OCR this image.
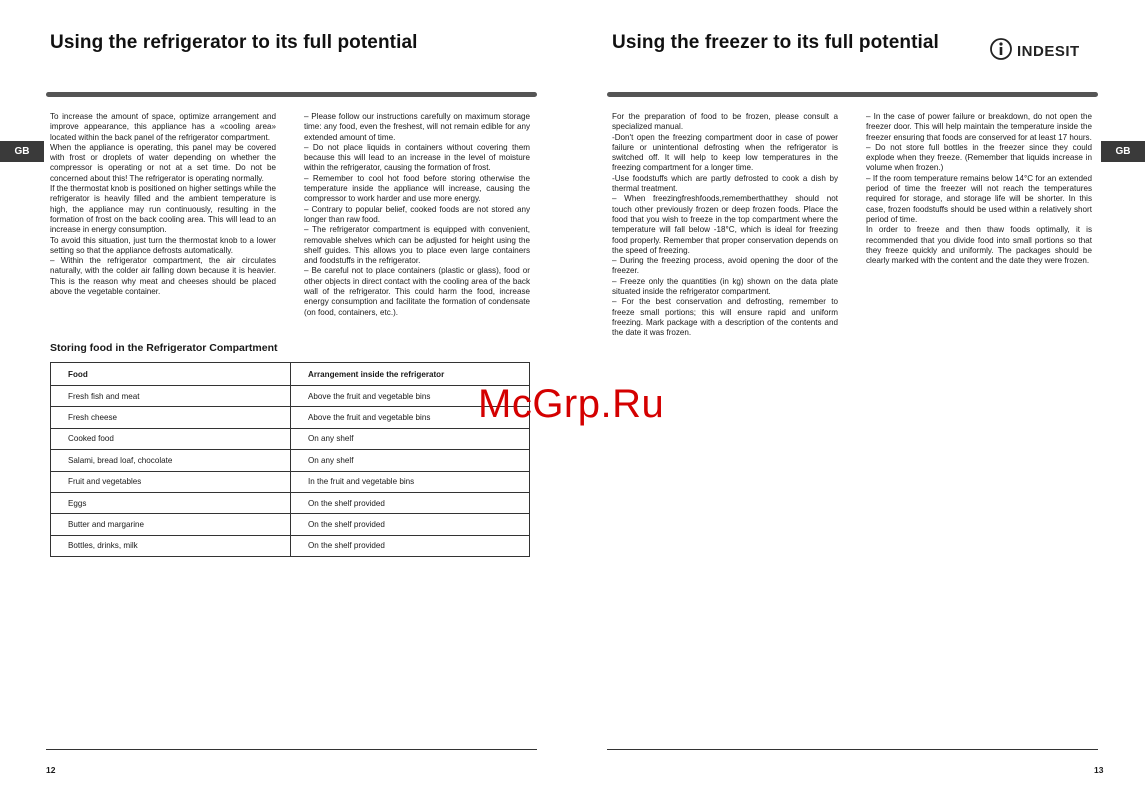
Using the refrigerator to its full potential
GB

To increase the amount of space, optimize arrangement and improve appearance, this appliance has a «cooling area» located within the back panel of the refrigerator compartment.

When the appliance is operating, this panel may be covered with frost or droplets of water depending on whether the compressor is operating or not at a set time. Do not be concerned about this! The refrigerator is operating normally.

If the thermostat knob is positioned on higher settings while the refrigerator is heavily filled and the ambient temperature is high, the appliance may run continuously, resulting in the formation of frost on the back cooling area. This will lead to an increase in energy consumption.

To avoid this situation, just turn the thermostat knob to a lower setting so that the appliance defrosts automatically.

– Within the refrigerator compartment, the air circulates naturally, with the colder air falling down because it is heavier. This is the reason why meat and cheeses should be placed above the vegetable container.

– Please follow our instructions carefully on maximum storage time: any food, even the freshest, will not remain edible for any extended amount of time.

– Do not place liquids in containers without covering them because this will lead to an increase in the level of moisture within the refrigerator, causing the formation of frost.

– Remember to cool hot food before storing otherwise the temperature inside the appliance will increase, causing the compressor to work harder and use more energy.

– Contrary to popular belief, cooked foods are not stored any longer than raw food.

– The refrigerator compartment is equipped with convenient, removable shelves which can be adjusted for height using the shelf guides. This allows you to place even large containers and foodstuffs in the refrigerator.

– Be careful not to place containers (plastic or glass), food or other objects in direct contact with the cooling area of the back wall of the refrigerator. This could harm the food, increase energy consumption and facilitate the formation of condensate (on food, containers, etc.).

Storing food in the Refrigerator Compartment
Food	Arrangement inside the refrigerator
Fresh fish and meat	Above the fruit and vegetable bins
Fresh cheese	Above the fruit and vegetable bins
Cooked food	On any shelf
Salami, bread loaf, chocolate	On any shelf
Fruit and vegetables	In the fruit and vegetable bins
Eggs	On the shelf provided
Butter and margarine	On the shelf provided
Bottles, drinks, milk	On the shelf provided
12
Using the freezer to its full potential	INDESIT
GB

For the preparation of food to be frozen, please consult a specialized manual.

-Don't open the freezing compartment door in case of power failure or unintentional defrosting when the refrigerator is switched off. It will help to keep low temperatures in the freezing compartment for a longer time.

-Use foodstuffs which are partly defrosted to cook a dish by thermal treatment.

– When freezingfreshfoods,rememberthatthey should not touch other previously frozen or deep frozen foods. Place the food that you wish to freeze in the top compartment where the temperature will fall below -18°C, which is ideal for freezing food properly. Remember that proper conservation depends on the speed of freezing.

– During the freezing process, avoid opening the door of the freezer.

– Freeze only the quantities (in kg) shown on the data plate situated inside the refrigerator compartment.

– For the best conservation and defrosting, remember to freeze small portions; this will ensure rapid and uniform freezing. Mark package with a description of the contents and the date it was frozen.

– In the case of power failure or breakdown, do not open the freezer door. This will help maintain the temperature inside the freezer ensuring that foods are conserved for at least 17 hours.

– Do not store full bottles in the freezer since they could explode when they freeze. (Remember that liquids increase in volume when frozen.)

– If the room temperature remains below 14°C for an extended period of time the freezer will not reach the temperatures required for storage, and storage life will be shorter. In this case, frozen foodstuffs should be used within a relatively short period of time.

In order to freeze and then thaw foods optimally, it is recommended that you divide food into small portions so that they freeze quickly and uniformly. The packages should be clearly marked with the content and the date they were frozen.

13
McGrp.Ru
